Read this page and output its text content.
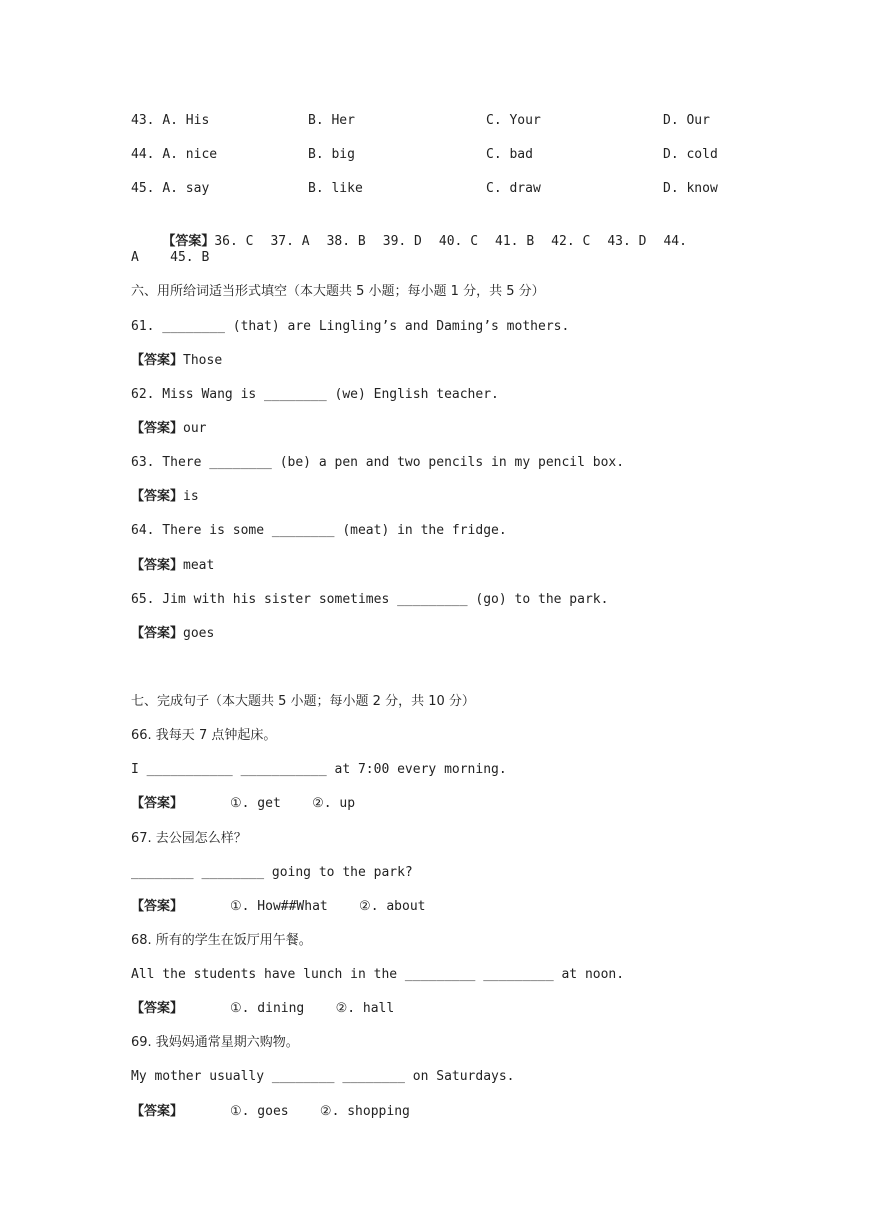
43. A. His	B. Her	C. Your	D. Our
44. A. nice	B. big	C. bad	D. cold
45. A. say	B. like	C. draw	D. know

【答案】36. C 37. A 38. B 39. D 40. C 41. B 42. C 43. D 44.

A    45. B
六、用所给词适当形式填空（本大题共 5 小题；每小题 1 分，共 5 分）
61. ________ (that) are Lingling’s and Daming’s mothers.
【答案】Those
62. Miss Wang is ________ (we) English teacher.
【答案】our
63. There ________ (be) a pen and two pencils in my pencil box.
【答案】is
64. There is some ________ (meat) in the fridge.
【答案】meat
65. Jim with his sister sometimes _________ (go) to the park.
【答案】goes
七、完成句子（本大题共 5 小题；每小题 2 分，共 10 分）
66. 我每天 7 点钟起床。
I ___________ ___________ at 7:00 every morning.
【答案】	①. get ②. up
67. 去公园怎么样？
________ ________ going to the park?
【答案】	①. How##What ②. about
68. 所有的学生在饭厅用午餐。
All the students have lunch in the _________ _________ at noon.
【答案】	①. dining ②. hall
69. 我妈妈通常星期六购物。
My mother usually ________ ________ on Saturdays.
【答案】	①. goes ②. shopping
